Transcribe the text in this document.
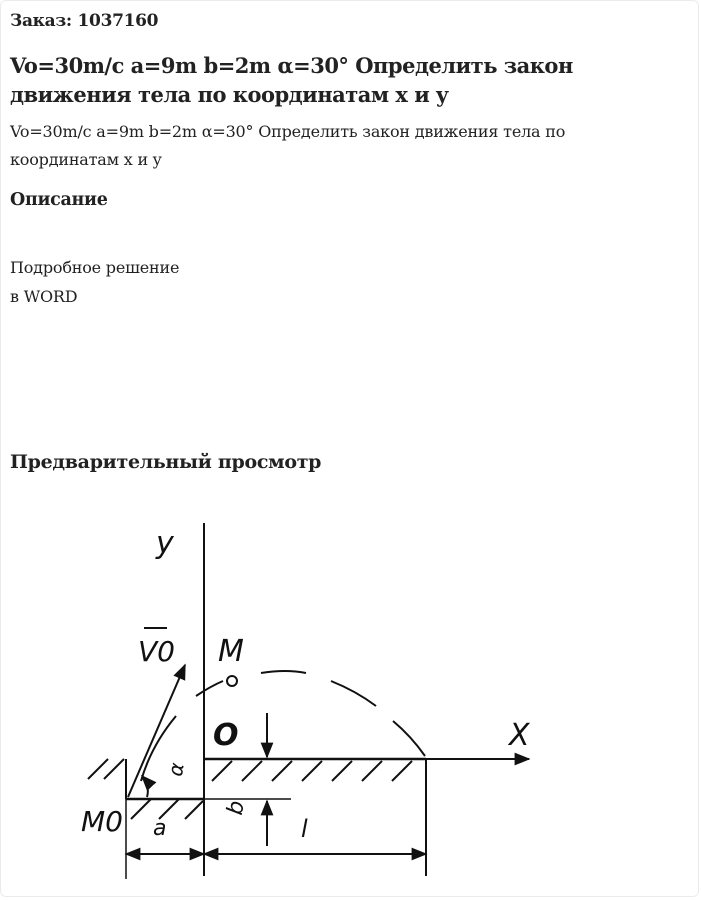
Заказ: 1037160
Vo=30m/c a=9m b=2m α=30° Определить закон движения тела по координатам x и y
Vo=30m/c a=9m b=2m α=30° Определить закон движения тела по координатам x и y
Описание
Подробное решение
в WORD
Предварительный просмотр
y
X
V0 M
O
M0
α
a
b
l
